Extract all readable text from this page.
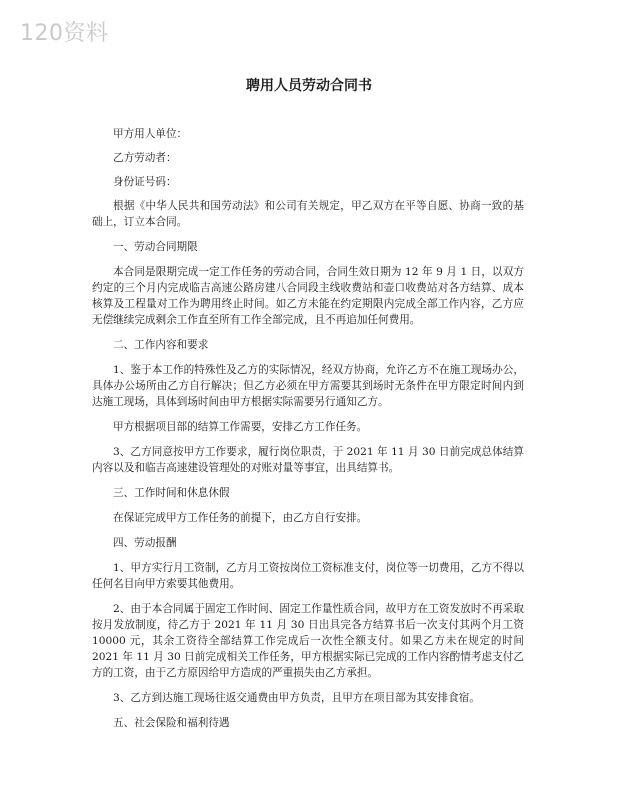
120资料
聘用人员劳动合同书

甲方用人单位：

乙方劳动者：

身份证号码：

根据《中华人民共和国劳动法》和公司有关规定，甲乙双方在平等自愿、协商一致的基础上，订立本合同。

一、劳动合同期限

本合同是限期完成一定工作任务的劳动合同，合同生效日期为 12 年 9 月 1 日，以双方约定的三个月内完成临吉高速公路房建八合同段主线收费站和壶口收费站对各方结算、成本核算及工程量对工作为聘用终止时间。如乙方未能在约定期限内完成全部工作内容，乙方应无偿继续完成剩余工作直至所有工作全部完成，且不再追加任何费用。

二、工作内容和要求

1、鉴于本工作的特殊性及乙方的实际情况，经双方协商，允许乙方不在施工现场办公，具体办公场所由乙方自行解决；但乙方必须在甲方需要其到场时无条件在甲方限定时间内到达施工现场，具体到场时间由甲方根据实际需要另行通知乙方。

甲方根据项目部的结算工作需要，安排乙方工作任务。

3、乙方同意按甲方工作要求，履行岗位职责，于 2021 年 11 月 30 日前完成总体结算内容以及和临吉高速建设管理处的对账对量等事宜，出具结算书。

三、工作时间和休息休假

在保证完成甲方工作任务的前提下，由乙方自行安排。

四、劳动报酬

1、甲方实行月工资制，乙方月工资按岗位工资标准支付，岗位等一切费用，乙方不得以任何名目向甲方索要其他费用。

2、由于本合同属于固定工作时间、固定工作量性质合同，故甲方在工资发放时不再采取按月发放制度，待乙方于 2021 年 11 月 30 日出具完各方结算书后一次支付其两个月工资 10000 元，其余工资待全部结算工作完成后一次性全额支付。如果乙方未在规定的时间 2021 年 11 月 30 日前完成相关工作任务，甲方根据实际已完成的工作内容酌情考虑支付乙方的工资，由于乙方原因给甲方造成的严重损失由乙方承担。

3、乙方到达施工现场往返交通费由甲方负责，且甲方在项目部为其安排食宿。

五、社会保险和福利待遇
